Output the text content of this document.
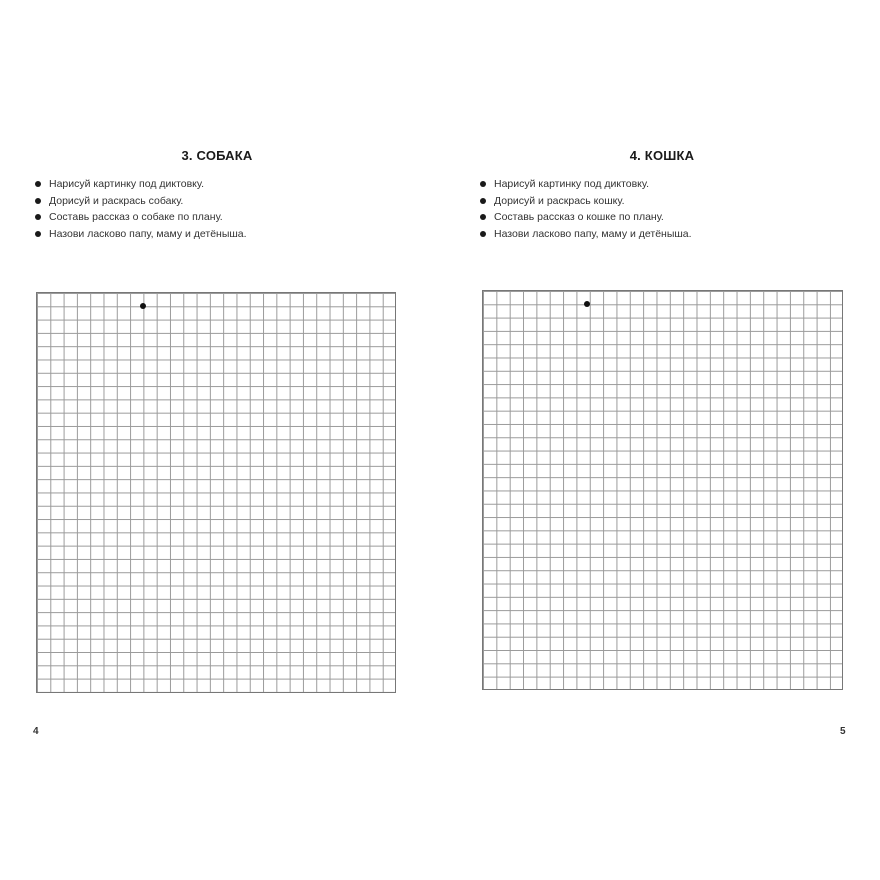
3. СОБАКА
Нарисуй картинку под диктовку.
Дорисуй и раскрась собаку.
Составь рассказ о собаке по плану.
Назови ласково папу, маму и детёныша.
4
4. КОШКА
Нарисуй картинку под диктовку.
Дорисуй и раскрась кошку.
Составь рассказ о кошке по плану.
Назови ласково папу, маму и детёныша.
5
